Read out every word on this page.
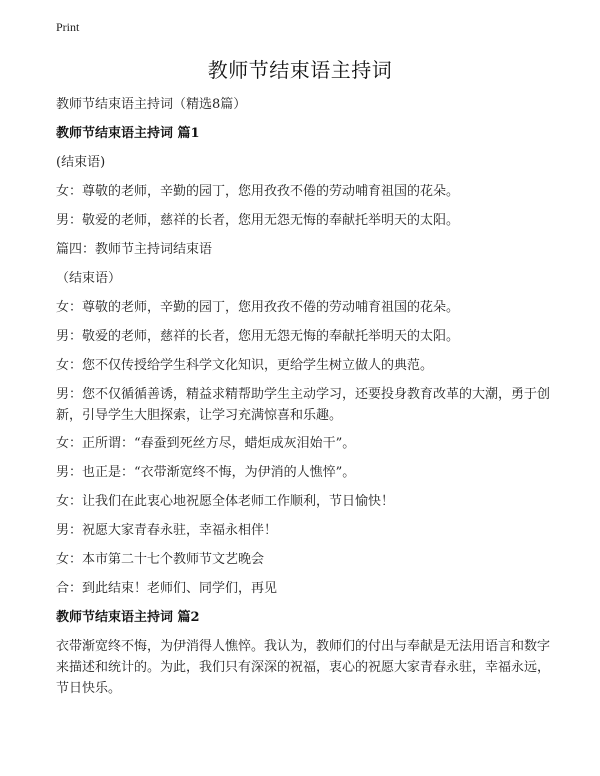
Print
教师节结束语主持词

教师节结束语主持词（精选8篇）

教师节结束语主持词 篇1

(结束语)

女：尊敬的老师，辛勤的园丁，您用孜孜不倦的劳动哺育祖国的花朵。

男：敬爱的老师，慈祥的长者，您用无怨无悔的奉献托举明天的太阳。

篇四：教师节主持词结束语

（结束语）

女：尊敬的老师，辛勤的园丁，您用孜孜不倦的劳动哺育祖国的花朵。

男：敬爱的老师，慈祥的长者，您用无怨无悔的奉献托举明天的太阳。

女：您不仅传授给学生科学文化知识，更给学生树立做人的典范。

男：您不仅循循善诱，精益求精帮助学生主动学习，还要投身教育改革的大潮，勇于创新，引导学生大胆探索，让学习充满惊喜和乐趣。

女：正所谓：“春蚕到死丝方尽，蜡炬成灰泪始干”。

男：也正是：“衣带渐宽终不悔，为伊消的人憔悴”。

女：让我们在此衷心地祝愿全体老师工作顺利，节日愉快！

男：祝愿大家青春永驻，幸福永相伴！

女：本市第二十七个教师节文艺晚会

合：到此结束！老师们、同学们，再见

教师节结束语主持词 篇2

衣带渐宽终不悔，为伊消得人憔悴。我认为，教师们的付出与奉献是无法用语言和数字来描述和统计的。为此，我们只有深深的祝福，衷心的祝愿大家青春永驻，幸福永远，节日快乐。
